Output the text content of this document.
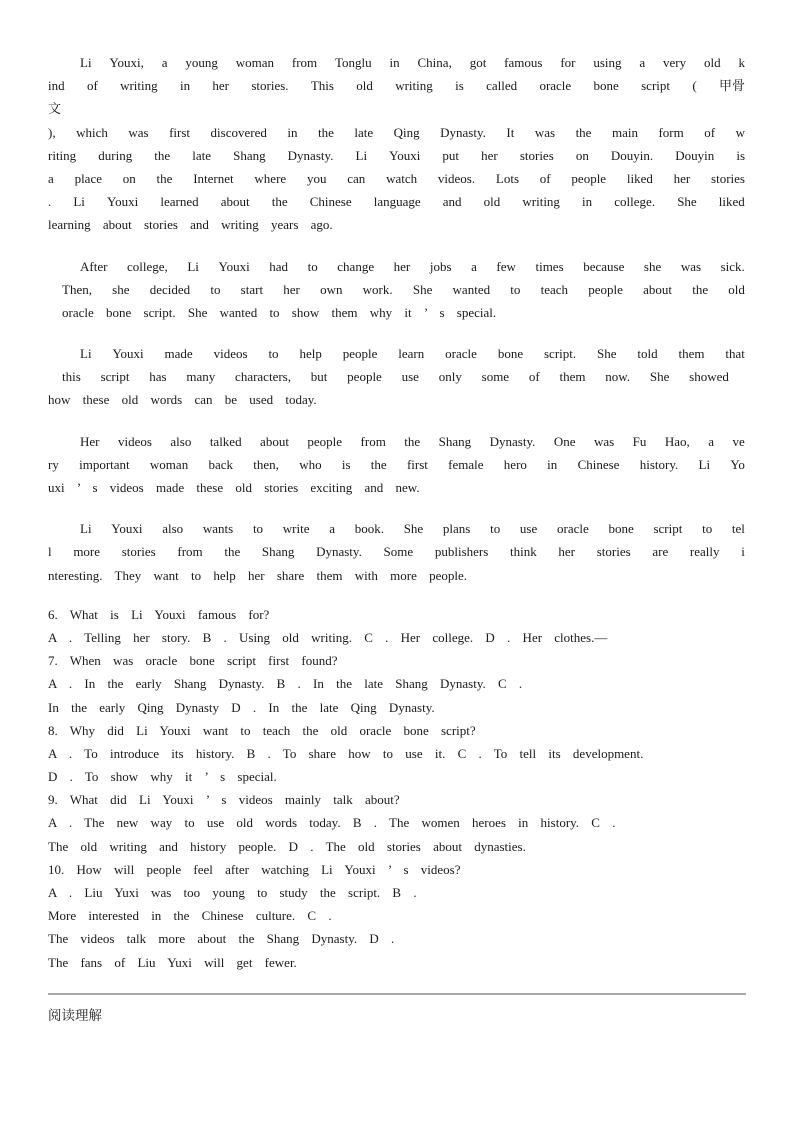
Li Youxi, a young woman from Tonglu in China, got famous for using a very old k
ind of writing in her stories. This old writing is called oracle bone script ( 甲骨
文
), which was first discovered in the late Qing Dynasty. It was the main form of w
riting during the late Shang Dynasty. Li Youxi put her stories on Douyin. Douyin is
a place on the Internet where you can watch videos. Lots of people liked her stories
. Li Youxi learned about the Chinese language and old writing in college. She liked
learning about stories and writing years ago.
After college, Li Youxi had to change her jobs a few times because she was sick.
Then, she decided to start her own work. She wanted to teach people about the old
oracle bone script. She wanted to show them why it ’ s special.
Li Youxi made videos to help people learn oracle bone script. She told them that
this script has many characters, but people use only some of them now. She showed
how these old words can be used today.
Her videos also talked about people from the Shang Dynasty. One was Fu Hao, a ve
ry important woman back then, who is the first female hero in Chinese history. Li Yo
uxi ’ s videos made these old stories exciting and new.
Li Youxi also wants to write a book. She plans to use oracle bone script to tel
l more stories from the Shang Dynasty. Some publishers think her stories are really i
nteresting. They want to help her share them with more people.
6. What is Li Youxi famous for?
A . Telling her story. B . Using old writing. C . Her college. D . Her clothes.—
7. When was oracle bone script first found?
A . In the early Shang Dynasty. B . In the late Shang Dynasty. C .
In the early Qing Dynasty D . In the late Qing Dynasty.
8. Why did Li Youxi want to teach the old oracle bone script?
A . To introduce its history. B . To share how to use it. C . To tell its development.
D . To show why it ’ s special.
9. What did Li Youxi ’ s videos mainly talk about?
A . The new way to use old words today. B . The women heroes in history. C .
The old writing and history people. D . The old stories about dynasties.
10. How will people feel after watching Li Youxi ’ s videos?
A . Liu Yuxi was too young to study the script. B .
More interested in the Chinese culture. C .
The videos talk more about the Shang Dynasty. D .
The fans of Liu Yuxi will get fewer.
阅读理解
